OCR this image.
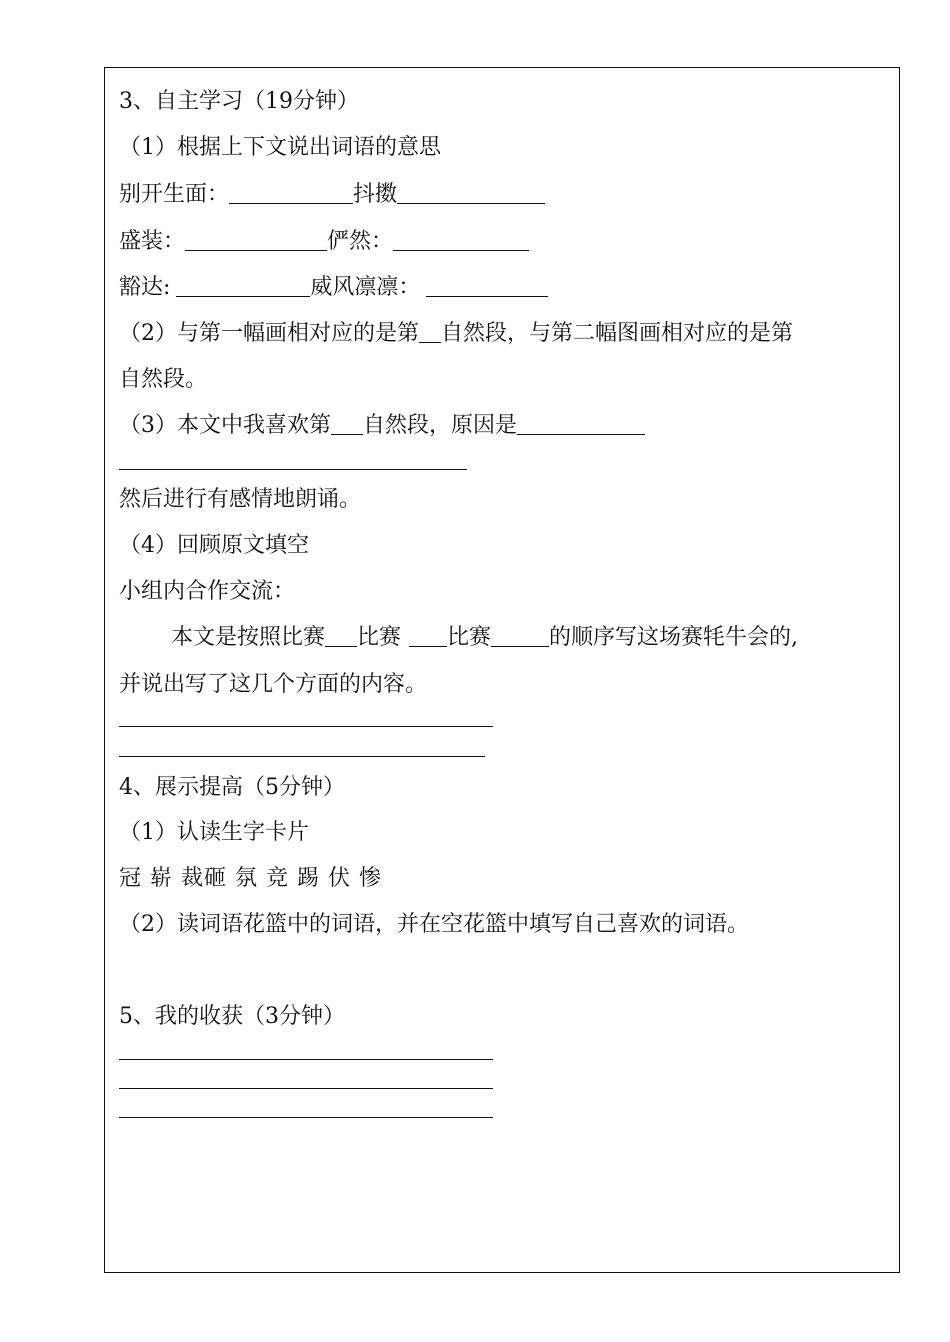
3、自主学习（19分钟）
（1）根据上下文说出词语的意思
别开生面：	抖擞
盛装：	俨然：
豁达:	威风凛凛：
（2）与第一幅画相对应的是第 自然段，与第二幅图画相对应的是第
自然段。
（3）本文中我喜欢第 自然段，原因是
然后进行有感情地朗诵。
（4）回顾原文填空
小组内合作交流：
本文是按照比赛 比赛 比赛	的顺序写这场赛牦牛会的,
并说出写了这几个方面的内容。
4、展示提高（5分钟）
（1）认读生字卡片
冠 崭 裁砸 氛 竞 踢 伏 惨
（2）读词语花篮中的词语，并在空花篮中填写自己喜欢的词语。
5、我的收获（3分钟）
